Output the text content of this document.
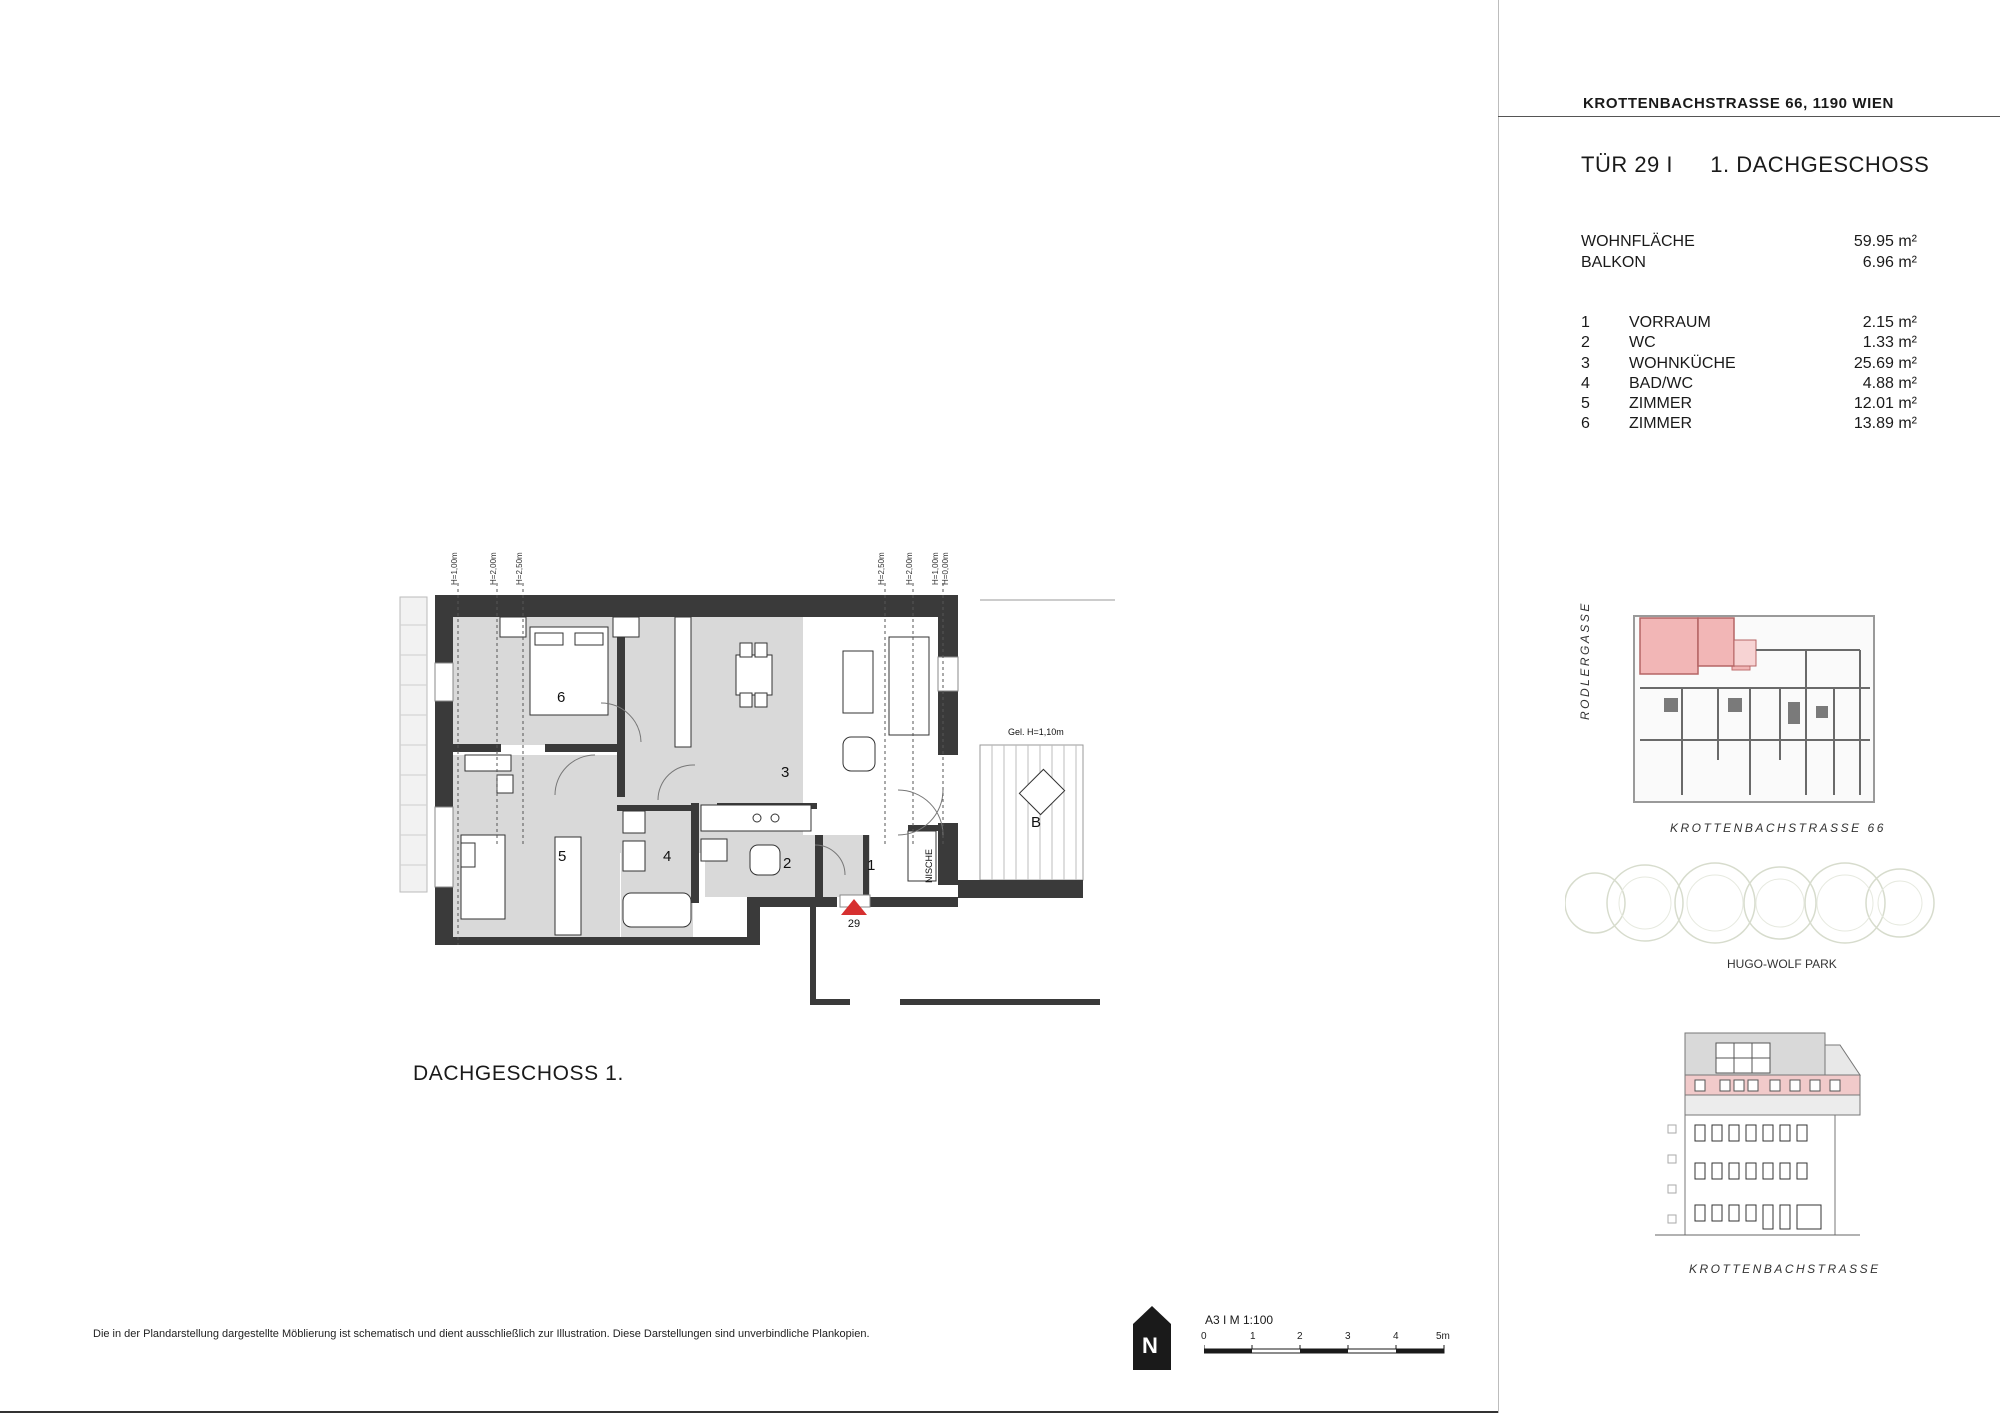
KROTTENBACHSTRASSE 66, 1190 WIEN
TÜR 29 I 1. DACHGESCHOSS
WOHNFLÄCHE	59.95 m²
BALKON	6.96 m²
1 VORRAUM	2.15 m²
2 WC	1.33 m²
3 WOHNKÜCHE	25.69 m²
4 BAD/WC	4.88 m²
5 ZIMMER	12.01 m²
6 ZIMMER	13.89 m²
RODLERGASSE
KROTTENBACHSTRASSE 66
HUGO-WOLF PARK
KROTTENBACHSTRASSE
6
3
5	4	2	1
B
NISCHE
Gel. H=1,10m
29
H=1,00m	H=2,00m H=2,50m	H=2,50m H=2,00m H=1,00m H=0,00m
DACHGESCHOSS 1.
Die in der Plandarstellung dargestellte Möblierung ist schematisch und dient ausschließlich zur Illustration. Diese Darstellungen sind unverbindliche Plankopien.	N
A3 I M 1:100
0	1	2	3	4	5m
